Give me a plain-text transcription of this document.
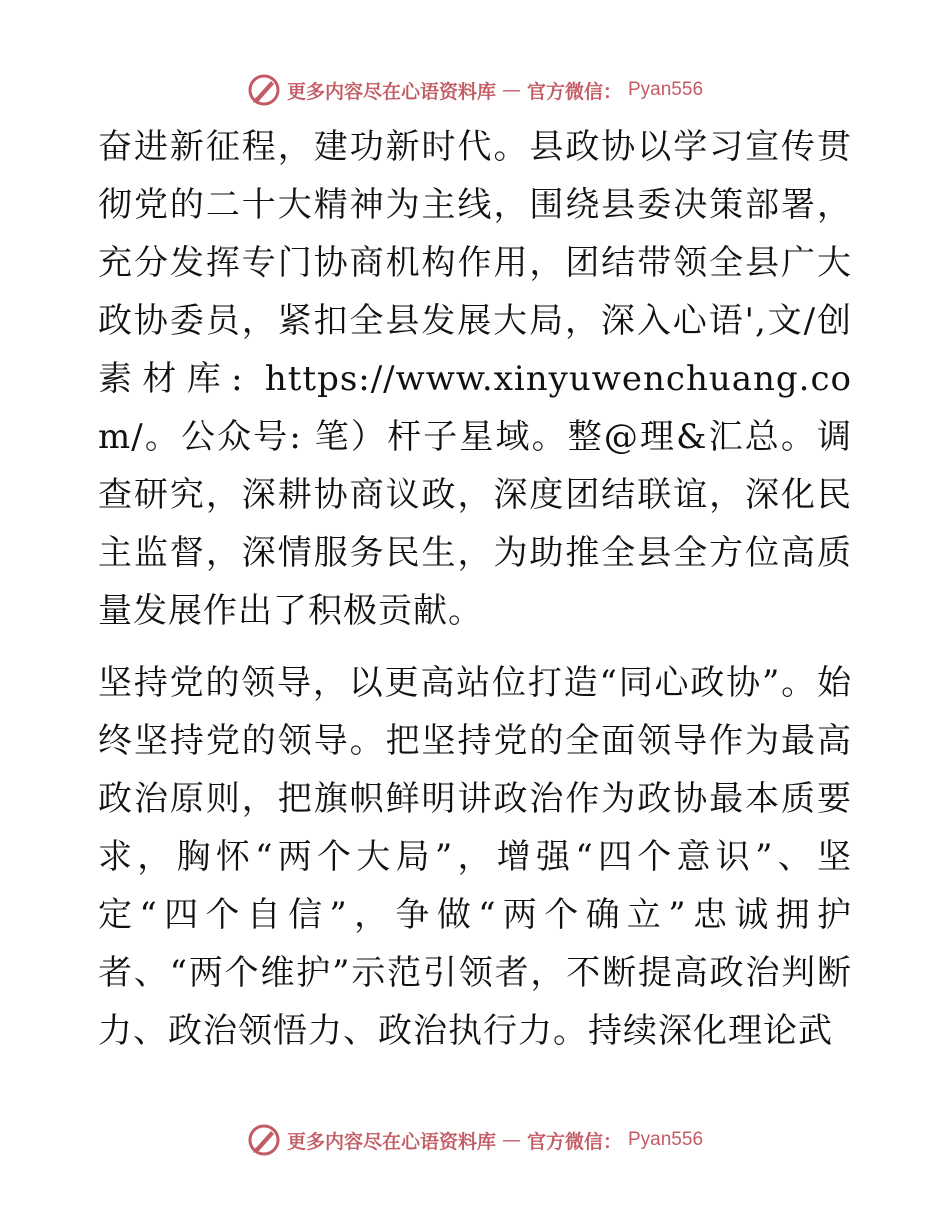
更多内容尽在心语资料库 — 官方微信： Pyan556

奋进新征程，建功新时代。县政协以学习宣传贯彻党的二十大精神为主线，围绕县委决策部署，充分发挥专门协商机构作用，团结带领全县广大政协委员，紧扣全县发展大局，深入心语',文/创素材库: https://www.xinyuwenchuang.com/。公众号: 笔）杆子星域。整@理&汇总。调查研究，深耕协商议政，深度团结联谊，深化民主监督，深情服务民生，为助推全县全方位高质量发展作出了积极贡献。

坚持党的领导，以更高站位打造“同心政协”。始终坚持党的领导。把坚持党的全面领导作为最高政治原则，把旗帜鲜明讲政治作为政协最本质要求，胸怀“两个大局”，增强“四个意识”、坚定“四个自信”，争做“两个确立”忠诚拥护者、“两个维护”示范引领者，不断提高政治判断力、政治领悟力、政治执行力。持续深化理论武

更多内容尽在心语资料库 — 官方微信： Pyan556
